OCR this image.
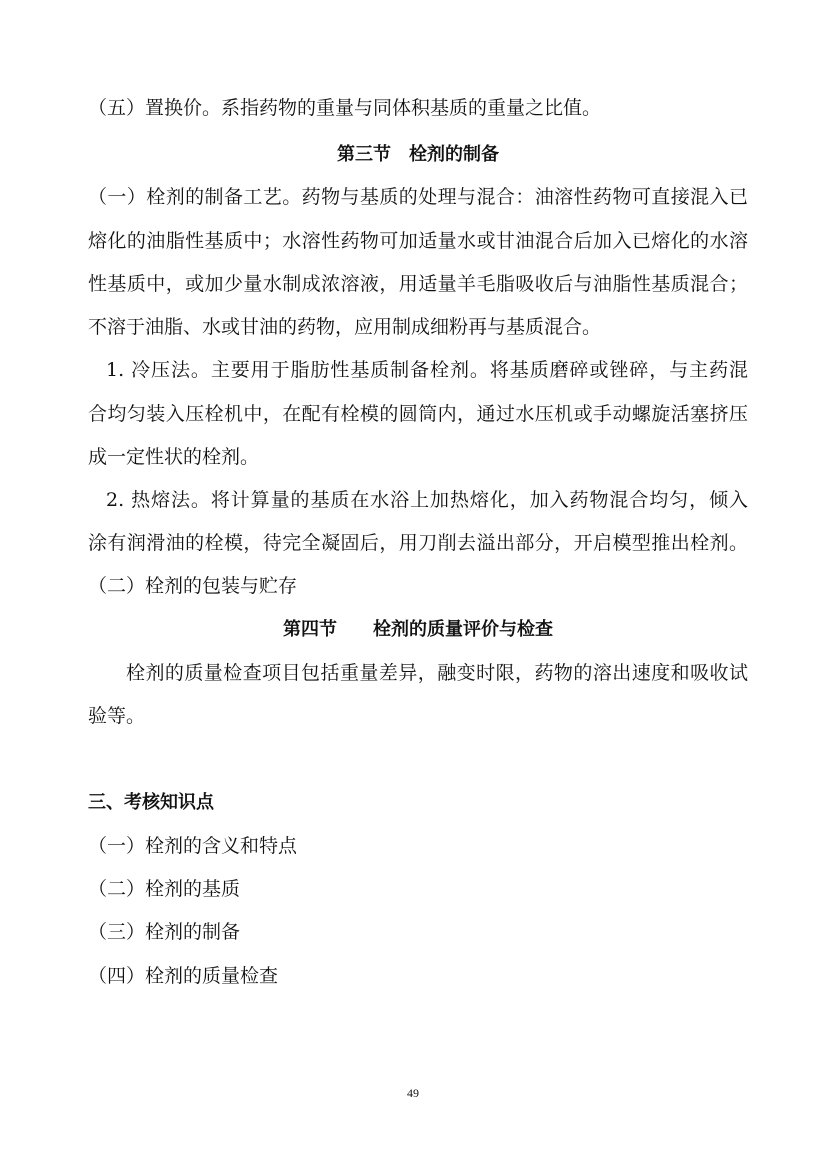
（五）置换价。系指药物的重量与同体积基质的重量之比值。
第三节　栓剂的制备
（一）栓剂的制备工艺。药物与基质的处理与混合：油溶性药物可直接混入已
熔化的油脂性基质中；水溶性药物可加适量水或甘油混合后加入已熔化的水溶
性基质中，或加少量水制成浓溶液，用适量羊毛脂吸收后与油脂性基质混合；
不溶于油脂、水或甘油的药物，应用制成细粉再与基质混合。
1. 冷压法。主要用于脂肪性基质制备栓剂。将基质磨碎或锉碎，与主药混
合均匀装入压栓机中，在配有栓模的圆筒内，通过水压机或手动螺旋活塞挤压
成一定性状的栓剂。
2. 热熔法。将计算量的基质在水浴上加热熔化，加入药物混合均匀，倾入
涂有润滑油的栓模，待完全凝固后，用刀削去溢出部分，开启模型推出栓剂。
（二）栓剂的包装与贮存
第四节　　栓剂的质量评价与检查
栓剂的质量检查项目包括重量差异，融变时限，药物的溶出速度和吸收试
验等。
三、考核知识点
（一）栓剂的含义和特点
（二）栓剂的基质
（三）栓剂的制备
（四）栓剂的质量检查
49
